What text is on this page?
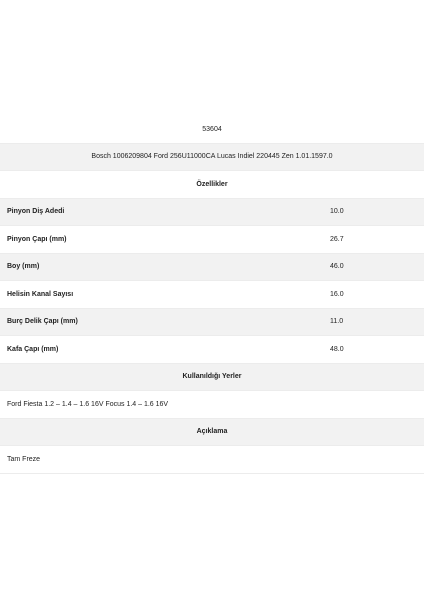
53604
Bosch 1006209804 Ford 256U11000CA Lucas Indiel 220445 Zen 1.01.1597.0
Özellikler
Pinyon Diş Adedi	10.0
Pinyon Çapı (mm)	26.7
Boy (mm)	46.0
Helisin Kanal Sayısı	16.0
Burç Delik Çapı (mm)	11.0
Kafa Çapı (mm)	48.0
Kullanıldığı Yerler
Ford Fiesta 1.2 – 1.4 – 1.6 16V Focus 1.4 – 1.6 16V
Açıklama
Tam Freze
